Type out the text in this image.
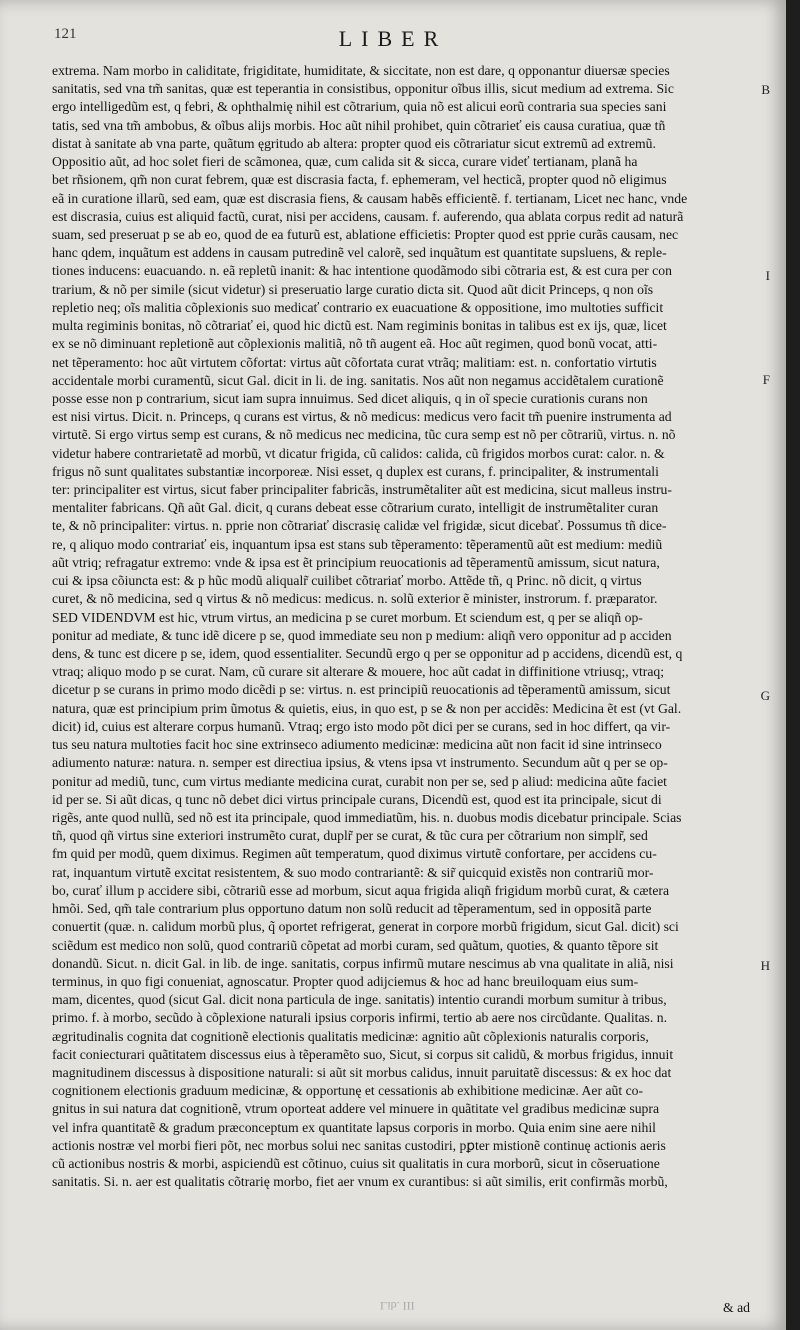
121	LIBER
extrema. Nam morbo in caliditate, frigiditate, humiditate, & siccitate, non est dare, q opponantur diuersæ species
sanitatis, sed vna tm̃ sanitas, quæ est teperantia in consistibus, opponitur oĩbus illis, sicut medium ad extrema. Sic
ergo intelligedũm est, q febri, & ophthalmię nihil est cõtrarium, quia nõ est alicui eorũ contraria sua species sani
tatis, sed vna tm̃ ambobus, & oĩbus alijs morbis. Hoc aũt nihil prohibet, quin cõtrarieť eis causa curatiua, quæ tñ
distat à sanitate ab vna parte, quãtum ęgritudo ab altera: propter quod eis cõtrariatur sicut extremũ ad extremũ.
Oppositio aũt, ad hoc solet fieri de scãmonea, quæ, cum calida sit & sicca, curare videť tertianam, planã ha
bet rñsionem, qm̃ non curat febrem, quæ est discrasia facta, f. ephemeram, vel hecticã, propter quod nõ eligimus
eã in curatione illarũ, sed eam, quæ est discrasia fiens, & causam habẽs efficientẽ. f. tertianam, Licet nec hanc, vnde
est discrasia, cuius est aliquid factũ, curat, nisi per accidens, causam. f. auferendo, qua ablata corpus redit ad naturã
suam, sed preseruat p se ab eo, quod de ea futurũ est, ablatione efficietis: Propter quod est pprie curãs causam, nec
hanc qdem, inquãtum est addens in causam putredinẽ vel calorẽ, sed inquãtum est quantitate supsluens, & reple-
tiones inducens: euacuando. n. eã repletũ inanit: & hac intentione quodãmodo sibi cõtraria est, & est cura per con
trarium, & nõ per simile (sicut videtur) si preseruatio large curatio dicta sit. Quod aũt dicit Princeps, q non oĩs
repletio neq; oĩs malitia cõplexionis suo medicať contrario ex euacuatione & oppositione, imo multoties sufficit
multa regiminis bonitas, nõ cõtrariať ei, quod hic dictũ est. Nam regiminis bonitas in talibus est ex ijs, quæ, licet
ex se nõ diminuant repletionẽ aut cõplexionis malitiã, nõ tñ augent eã. Hoc aũt regimen, quod bonũ vocat, atti-
net tẽperamento: hoc aũt virtutem cõfortat: virtus aũt cõfortata curat vtrãq; malitiam: est. n. confortatio virtutis
accidentale morbi curamentũ, sicut Gal. dicit in li. de ing. sanitatis. Nos aũt non negamus accidẽtalem curationẽ
posse esse non p contrarium, sicut iam supra innuimus. Sed dicet aliquis, q in oĩ specie curationis curans non
est nisi virtus. Dicit. n. Princeps, q curans est virtus, & nõ medicus: medicus vero facit tm̃ puenire instrumenta ad
virtutẽ. Si ergo virtus semp est curans, & nõ medicus nec medicina, tũc cura semp est nõ per cõtrariũ, virtus. n. nõ
videtur habere contrarietatẽ ad morbũ, vt dicatur frigida, cũ calidos: calida, cũ frigidos morbos curat: calor. n. &
frigus nõ sunt qualitates substantiæ incorporeæ. Nisi esset, q duplex est curans, f. principaliter, & instrumentali
ter: principaliter est virtus, sicut faber principaliter fabricãs, instrumẽtaliter aũt est medicina, sicut malleus instru-
mentaliter fabricans. Qñ aũt Gal. dicit, q curans debeat esse cõtrarium curato, intelligit de instrumẽtaliter curan
te, & nõ principaliter: virtus. n. pprie non cõtrariať discrasię calidæ vel frigidæ, sicut dicebať. Possumus tñ dice-
re, q aliquo modo contrariať eis, inquantum ipsa est stans sub tẽperamento: tẽperamentũ aũt est medium: mediũ
aũt vtriq; refragatur extremo: vnde & ipsa est ẽt principium reuocationis ad tẽperamentũ amissum, sicut natura,
cui & ipsa cõiuncta est: & p hũc modũ aliqualr̃ cuilibet cõtrariať morbo. Attẽde tñ, q Princ. nõ dicit, q virtus
curet, & nõ medicina, sed q virtus & nõ medicus: medicus. n. solũ exterior ẽ minister, instrorum. f. præparator.
SED VIDENDVM est hic, vtrum virtus, an medicina p se curet morbum. Et sciendum est, q per se aliqñ op-
ponitur ad mediate, & tunc idẽ dicere p se, quod immediate seu non p medium: aliqñ vero opponitur ad p acciden
dens, & tunc est dicere p se, idem, quod essentialiter. Secundũ ergo q per se opponitur ad p accidens, dicendũ est, q
vtraq; aliquo modo p se curat. Nam, cũ curare sit alterare & mouere, hoc aũt cadat in diffinitione vtriusq;, vtraq;
dicetur p se curans in primo modo dicẽdi p se: virtus. n. est principiũ reuocationis ad tẽperamentũ amissum, sicut
natura, quæ est principium prim ũmotus & quietis, eius, in quo est, p se & non per accidẽs: Medicina ẽt est (vt Gal.
dicit) id, cuius est alterare corpus humanũ. Vtraq; ergo isto modo põt dici per se curans, sed in hoc differt, qa vir-
tus seu natura multoties facit hoc sine extrinseco adiumento medicinæ: medicina aũt non facit id sine intrinseco
adiumento naturæ: natura. n. semper est directiua ipsius, & vtens ipsa vt instrumento. Secundum aũt q per se op-
ponitur ad mediũ, tunc, cum virtus mediante medicina curat, curabit non per se, sed p aliud: medicina aũte faciet
id per se. Si aũt dicas, q tunc nõ debet dici virtus principale curans, Dicendũ est, quod est ita principale, sicut di
rigẽs, ante quod nullũ, sed nõ est ita principale, quod immediatũm, his. n. duobus modis dicebatur principale. Scias
tñ, quod qñ virtus sine exteriori instrumẽto curat, duplr̃ per se curat, & tũc cura per cõtrarium non simplr̃, sed
fm quid per modũ, quem diximus. Regimen aũt temperatum, quod diximus virtutẽ confortare, per accidens cu-
rat, inquantum virtutẽ excitat resistentem, & suo modo contrariantẽ: & sir̃ quicquid existẽs non contrariũ mor-
bo, curať illum p accidere sibi, cõtrariũ esse ad morbum, sicut aqua frigida aliqñ frigidum morbũ curat, & cætera
hmõi. Sed, qm̃ tale contrarium plus opportuno datum non solũ reducit ad tẽperamentum, sed in oppositã parte
conuertit (quæ. n. calidum morbũ plus, q̃ oportet refrigerat, generat in corpore morbũ frigidum, sicut Gal. dicit) sci
sciẽdum est medico non solũ, quod contrariũ cõpetat ad morbi curam, sed quãtum, quoties, & quanto tẽpore sit
donandũ. Sicut. n. dicit Gal. in lib. de inge. sanitatis, corpus infirmũ mutare nescimus ab vna qualitate in aliã, nisi
terminus, in quo figi conueniat, agnoscatur. Propter quod adijciemus & hoc ad hanc breuiloquam eius sum-
mam, dicentes, quod (sicut Gal. dicit nona particula de inge. sanitatis) intentio curandi morbum sumitur à tribus,
primo. f. à morbo, secũdo à cõplexione naturali ipsius corporis infirmi, tertio ab aere nos circũdante. Qualitas. n.
ægritudinalis cognita dat cognitionẽ electionis qualitatis medicinæ: agnitio aũt cõplexionis naturalis corporis,
facit coniecturari quãtitatem discessus eius à tẽperamẽto suo, Sicut, si corpus sit calidũ, & morbus frigidus, innuit
magnitudinem discessus à dispositione naturali: si aũt sit morbus calidus, innuit paruitatẽ discessus: & ex hoc dat
cognitionem electionis graduum medicinæ, & opportunę et cessationis ab exhibitione medicinæ. Aer aũt co-
gnitus in sui natura dat cognitionẽ, vtrum oporteat addere vel minuere in quãtitate vel gradibus medicinæ supra
vel infra quantitatẽ & gradum præconceptum ex quantitate lapsus corporis in morbo. Quia enim sine aere nihil
actionis nostræ vel morbi fieri põt, nec morbus solui nec sanitas custodiri, pꝑter mistionẽ continuę actionis aeris
cũ actionibus nostris & morbi, aspiciendũ est cõtinuo, cuius sit qualitatis in cura morborũ, sicut in cõseruatione
sanitatis. Si. n. aer est qualitatis cõtrarię morbo, fiet aer vnum ex curantibus: si aũt similis, erit confirmãs morbũ,
B
I
F
G
H
Lib. III	& ad
